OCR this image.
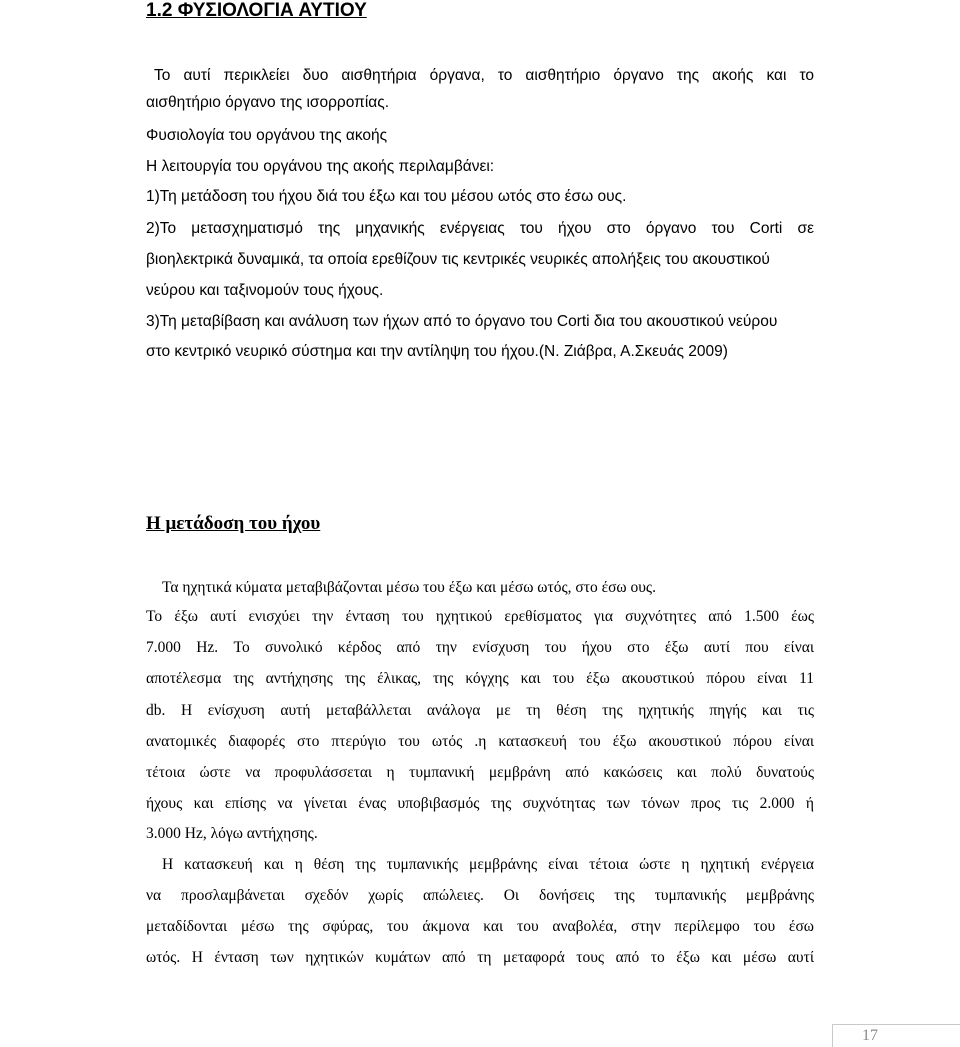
1.2 ΦΥΣΙΟΛΟΓΙΑ ΑΥΤΙΟΥ
Το αυτί περικλείει δυο αισθητήρια όργανα, το αισθητήριο όργανο της ακοής και το
αισθητήριο όργανο της ισορροπίας.
Φυσιολογία του οργάνου της ακοής
Η λειτουργία του οργάνου της ακοής περιλαμβάνει:
1)Τη μετάδοση του ήχου διά του έξω και του μέσου ωτός στο έσω ους.
2)Το μετασχηματισμό της μηχανικής ενέργειας του ήχου στο όργανο του Corti σε
βιοηλεκτρικά δυναμικά, τα οποία ερεθίζουν τις κεντρικές νευρικές απολήξεις του ακουστικού
νεύρου και ταξινομούν τους ήχους.
3)Τη μεταβίβαση και ανάλυση των ήχων από το όργανο του Corti δια του ακουστικού νεύρου
στο κεντρικό νευρικό σύστημα και την αντίληψη του ήχου.(Ν. Ζιάβρα, Α.Σκευάς 2009)
Η μετάδοση του ήχου
Τα ηχητικά κύματα μεταβιβάζονται μέσω του έξω και μέσω ωτός, στο έσω ους.
Το έξω αυτί ενισχύει την ένταση του ηχητικού ερεθίσματος για συχνότητες από 1.500 έως
7.000 Hz. Το συνολικό κέρδος από την ενίσχυση του ήχου στο έξω αυτί που είναι
αποτέλεσμα της αντήχησης της έλικας, της κόγχης και του έξω ακουστικού πόρου είναι 11
db. Η ενίσχυση αυτή μεταβάλλεται ανάλογα με τη θέση της ηχητικής πηγής και τις
ανατομικές διαφορές στο πτερύγιο του ωτός .η κατασκευή του έξω ακουστικού πόρου είναι
τέτοια ώστε να προφυλάσσεται η τυμπανική μεμβράνη από κακώσεις και πολύ δυνατούς
ήχους και επίσης να γίνεται ένας υποβιβασμός της συχνότητας των τόνων προς τις 2.000 ή
3.000 Hz, λόγω αντήχησης.
Η κατασκευή και η θέση της τυμπανικής μεμβράνης είναι τέτοια ώστε η ηχητική ενέργεια
να προσλαμβάνεται σχεδόν χωρίς απώλειες. Οι δονήσεις της τυμπανικής μεμβράνης
μεταδίδονται μέσω της σφύρας, του άκμονα και του αναβολέα, στην περίλεμφο του έσω
ωτός. Η ένταση των ηχητικών κυμάτων από τη μεταφορά τους από το έξω και μέσω αυτί
17
